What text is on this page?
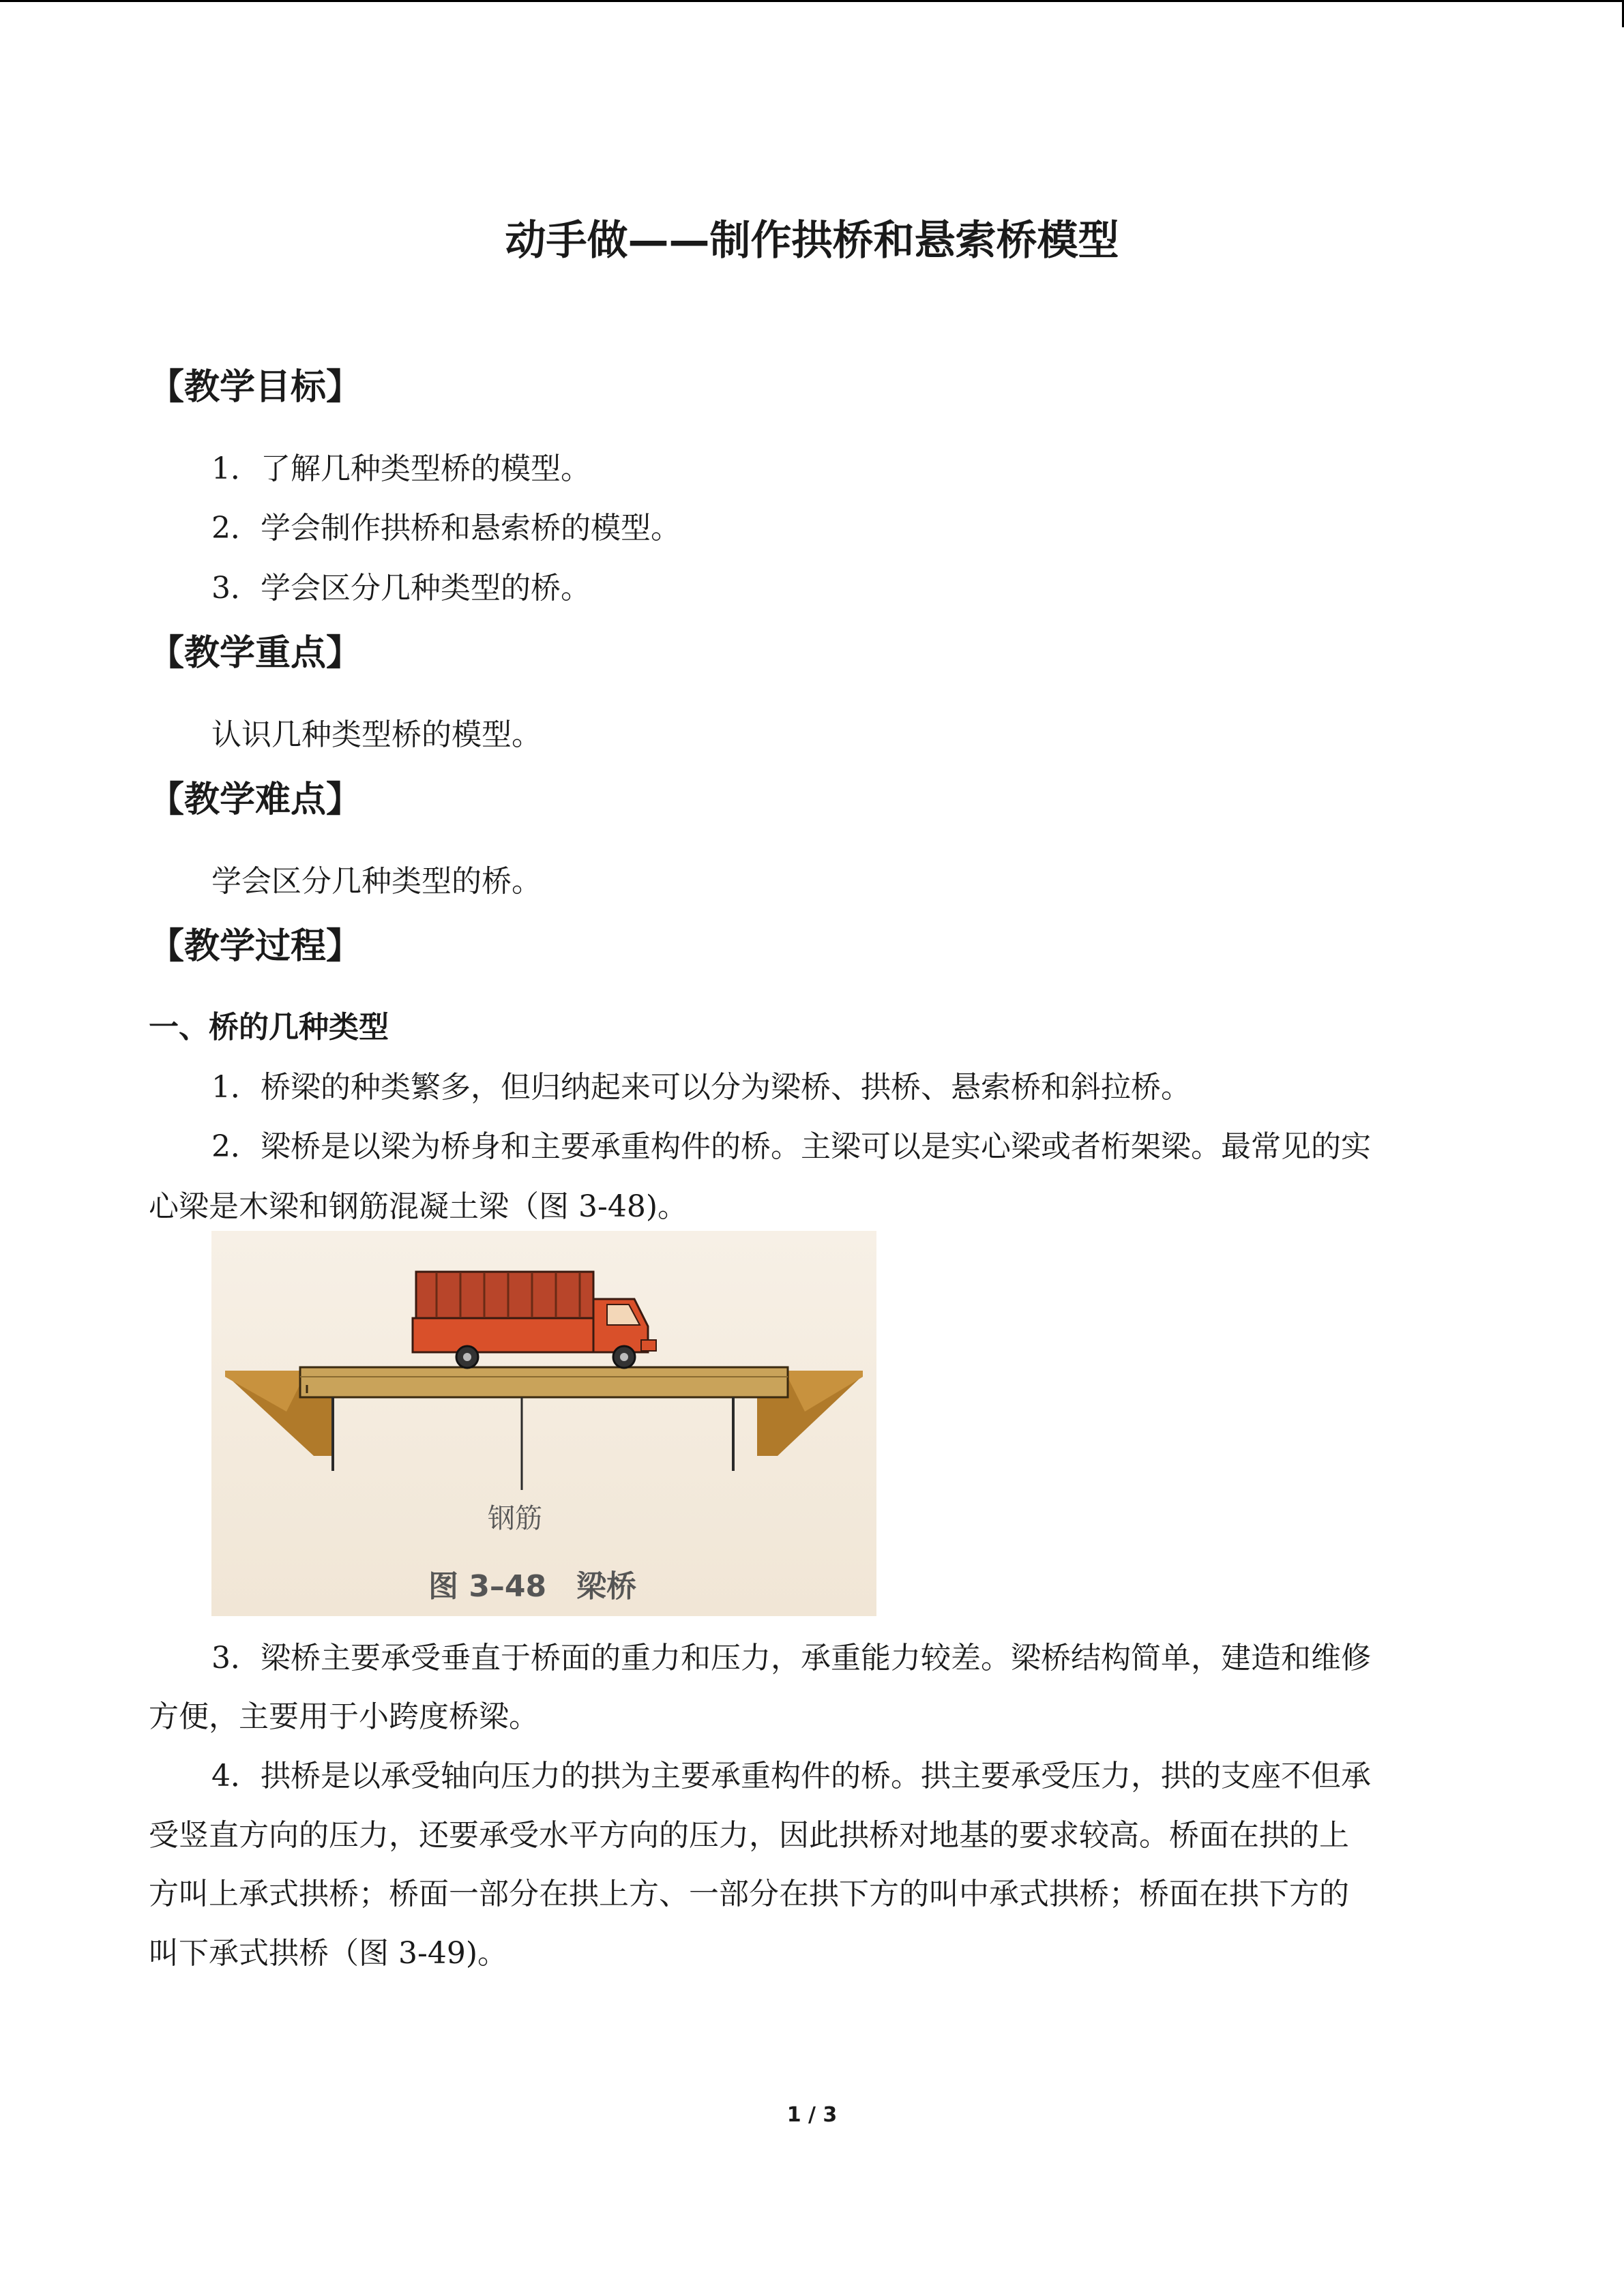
动手做——制作拱桥和悬索桥模型
【教学目标】
1．了解几种类型桥的模型。
2．学会制作拱桥和悬索桥的模型。
3．学会区分几种类型的桥。
【教学重点】
认识几种类型桥的模型。
【教学难点】
学会区分几种类型的桥。
【教学过程】
一、桥的几种类型
1．桥梁的种类繁多，但归纳起来可以分为梁桥、拱桥、悬索桥和斜拉桥。
2．梁桥是以梁为桥身和主要承重构件的桥。主梁可以是实心梁或者桁架梁。最常见的实
心梁是木梁和钢筋混凝土梁（图 3-48)。
钢筋
图 3–48　梁桥
3．梁桥主要承受垂直于桥面的重力和压力，承重能力较差。梁桥结构简单，建造和维修
方便，主要用于小跨度桥梁。
4．拱桥是以承受轴向压力的拱为主要承重构件的桥。拱主要承受压力，拱的支座不但承
受竖直方向的压力，还要承受水平方向的压力，因此拱桥对地基的要求较高。桥面在拱的上
方叫上承式拱桥；桥面一部分在拱上方、一部分在拱下方的叫中承式拱桥；桥面在拱下方的
叫下承式拱桥（图 3-49)。
1 / 3
